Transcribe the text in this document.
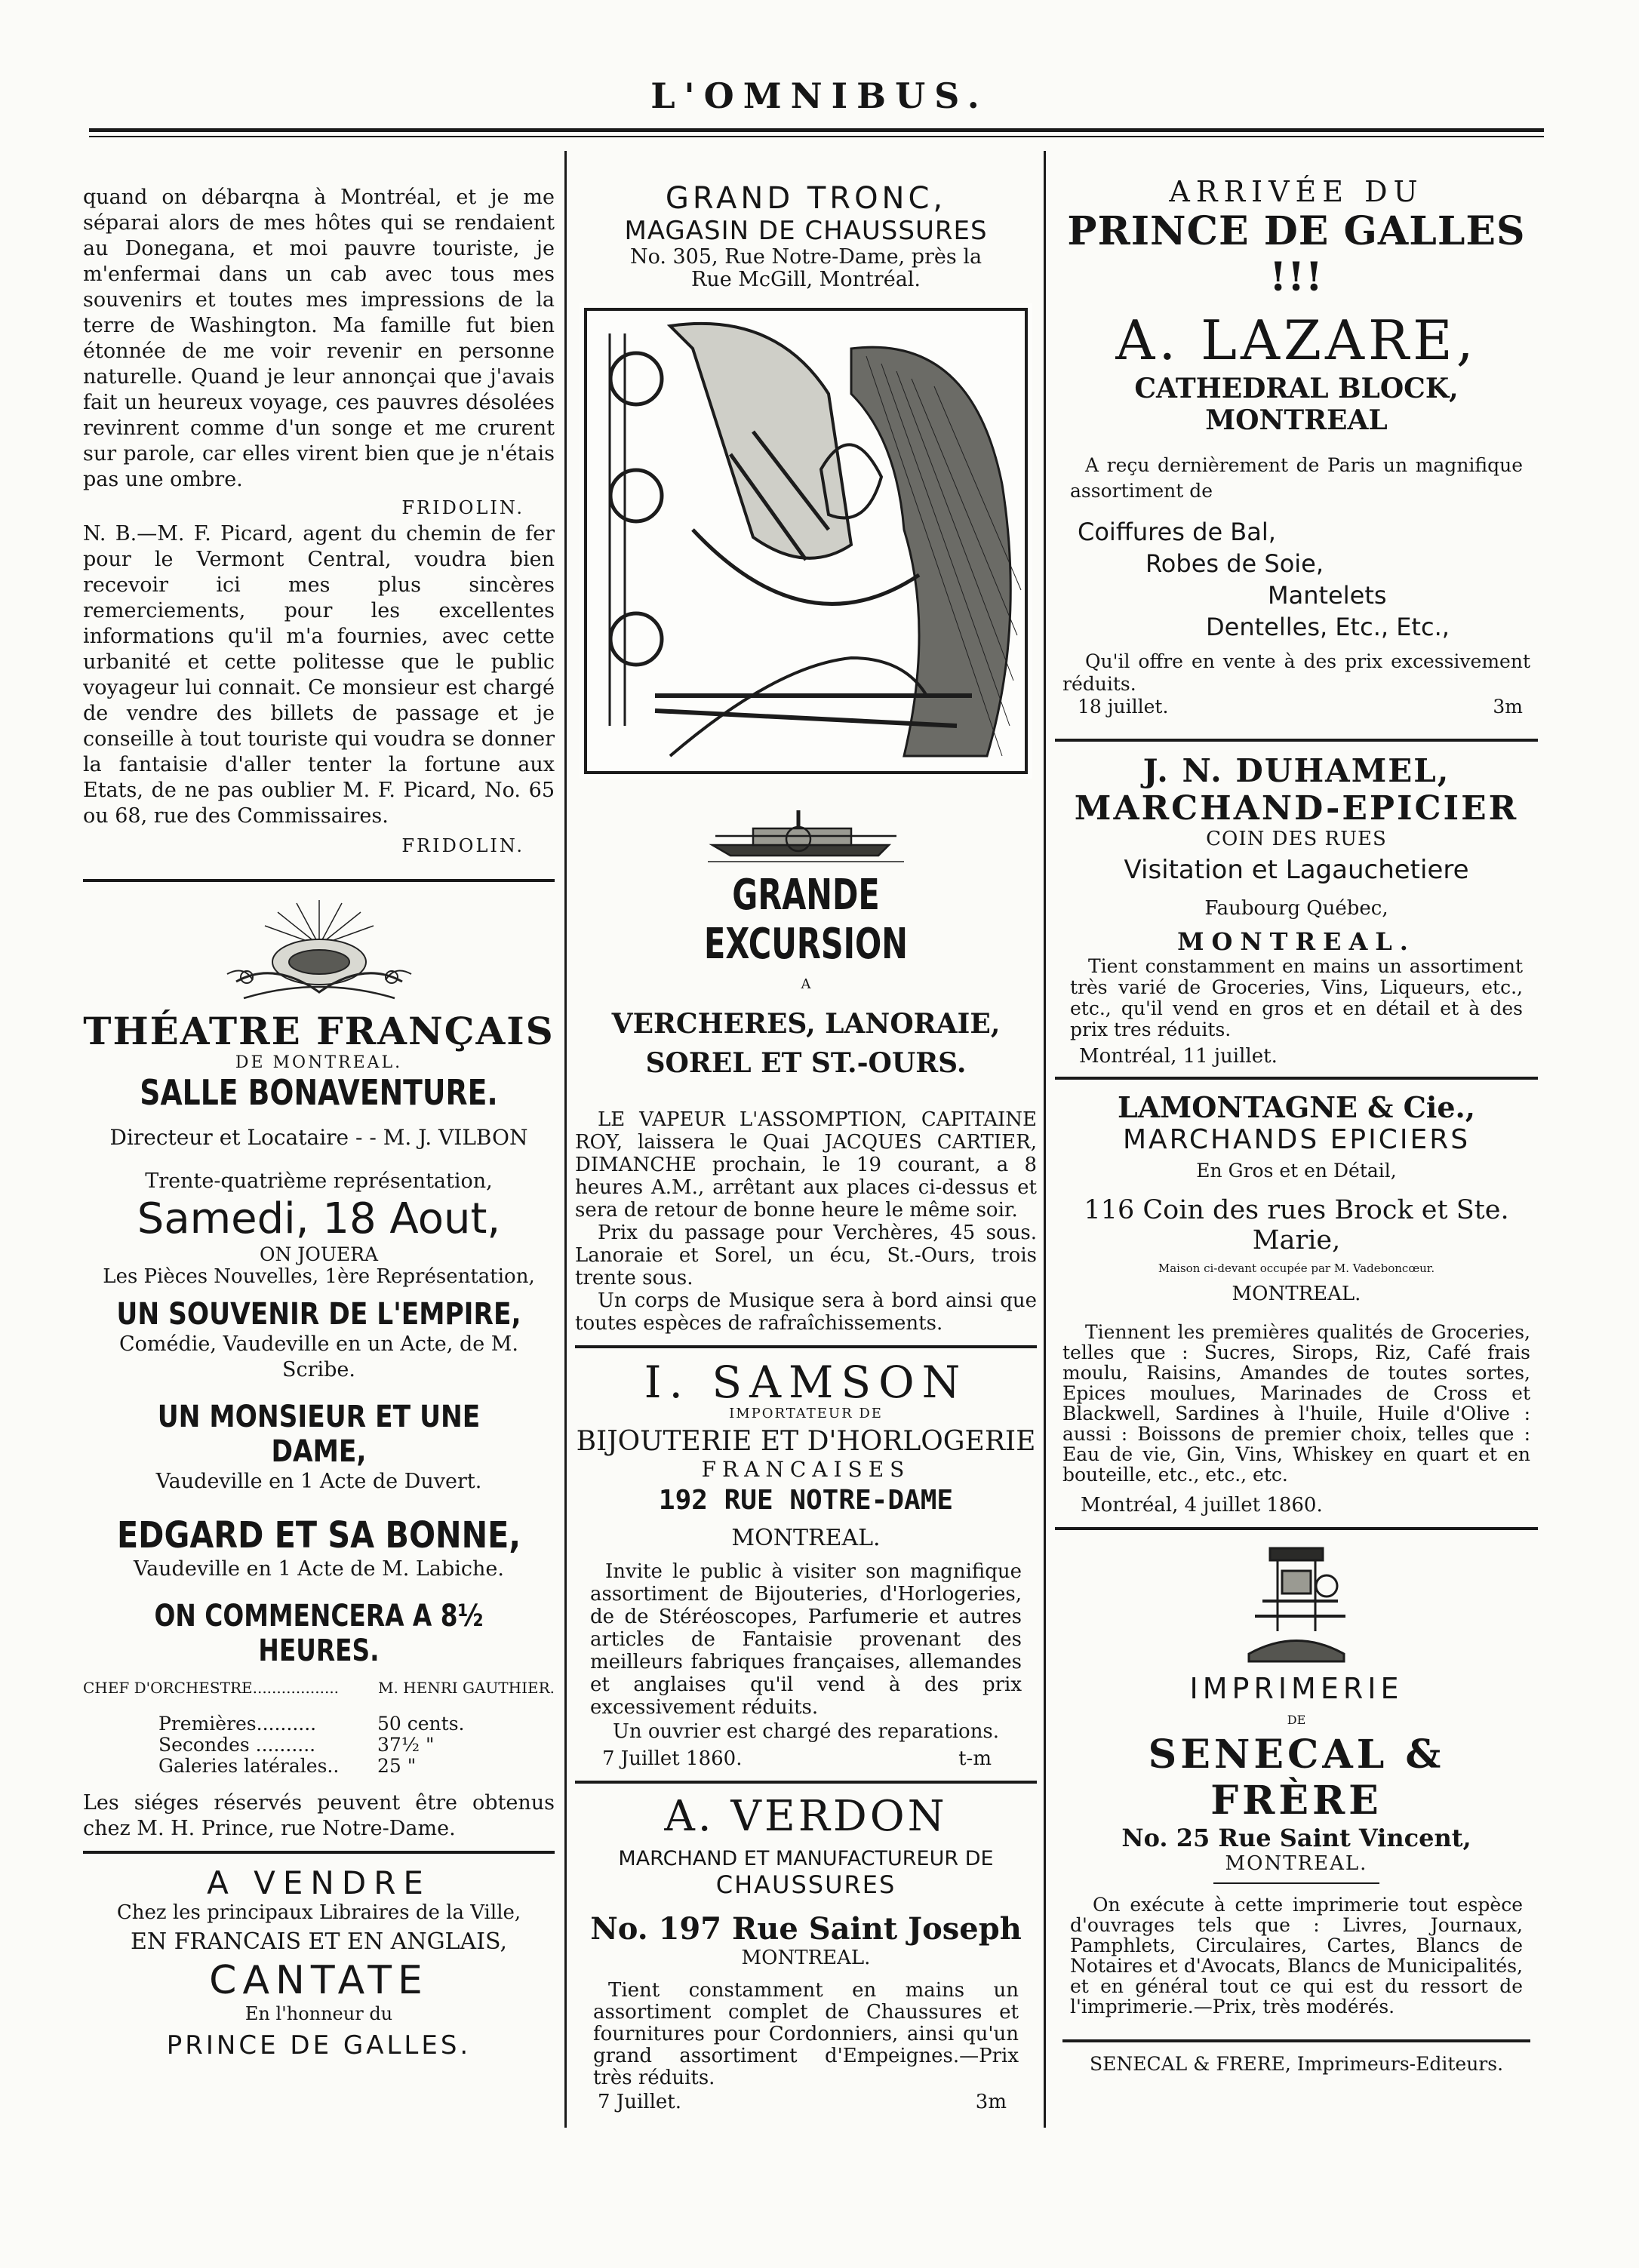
L'OMNIBUS.

quand on débarqna à Montréal, et je me séparai alors de mes hôtes qui se rendaient au Donegana, et moi pauvre touriste, je m'enfermai dans un cab avec tous mes souvenirs et toutes mes impressions de la terre de Washington. Ma famille fut bien étonnée de me voir revenir en personne naturelle. Quand je leur annonçai que j'avais fait un heureux voyage, ces pauvres désolées revinrent comme d'un songe et me crurent sur parole, car elles virent bien que je n'étais pas une ombre.

FRIDOLIN.

N. B.—M. F. Picard, agent du chemin de fer pour le Vermont Central, voudra bien recevoir ici mes plus sincères remerciements, pour les excellentes informations qu'il m'a fournies, avec cette urbanité et cette politesse que le public voyageur lui connait. Ce monsieur est chargé de vendre des billets de passage et je conseille à tout touriste qui voudra se donner la fantaisie d'aller tenter la fortune aux Etats, de ne pas oublier M. F. Picard, No. 65 ou 68, rue des Commissaires.

FRIDOLIN.
THÉATRE FRANÇAIS
DE MONTREAL.
SALLE BONAVENTURE.
Directeur et Locataire - - M. J. VILBON
Trente-quatrième représentation,
Samedi, 18 Aout,
ON JOUERA
Les Pièces Nouvelles, 1ère Représentation,
UN SOUVENIR DE L'EMPIRE,
Comédie, Vaudeville en un Acte, de M. Scribe.
UN MONSIEUR ET UNE DAME,
Vaudeville en 1 Acte de Duvert.
EDGARD ET SA BONNE,
Vaudeville en 1 Acte de M. Labiche.
ON COMMENCERA A 8½ HEURES.
CHEF D'ORCHESTRE..................	M. HENRI GAUTHIER.
Premières..........	50 cents.
Secondes ..........	37½ "
Galeries latérales..	25 "

Les siéges réservés peuvent être obtenus chez M. H. Prince, rue Notre-Dame.

A VENDRE
Chez les principaux Libraires de la Ville,
EN FRANCAIS ET EN ANGLAIS,
CANTATE
En l'honneur du
PRINCE DE GALLES.
GRAND TRONC,
MAGASIN DE CHAUSSURES
No. 305, Rue Notre-Dame, près la Rue McGill, Montréal.
GRANDE EXCURSION
A
VERCHERES, LANORAIE, SOREL ET ST.-OURS.

LE VAPEUR L'ASSOMPTION, CAPITAINE ROY, laissera le Quai JACQUES CARTIER, DIMANCHE prochain, le 19 courant, a 8 heures A.M., arrêtant aux places ci-dessus et sera de retour de bonne heure le même soir.

Prix du passage pour Verchères, 45 sous. Lanoraie et Sorel, un écu, St.-Ours, trois trente sous.

Un corps de Musique sera à bord ainsi que toutes espèces de rafraîchissements.

I. SAMSON
IMPORTATEUR DE
BIJOUTERIE ET D'HORLOGERIE
FRANCAISES
192 RUE NOTRE-DAME
MONTREAL.

Invite le public à visiter son magnifique assortiment de Bijouteries, d'Horlogeries, de de Stéréoscopes, Parfumerie et autres articles de Fantaisie provenant des meilleurs fabriques françaises, allemandes et anglaises qu'il vend à des prix excessivement réduits.

Un ouvrier est chargé des reparations.
7 Juillet 1860.	t-m
A. VERDON
MARCHAND ET MANUFACTUREUR DE
CHAUSSURES
No. 197 Rue Saint Joseph
MONTREAL.

Tient constamment en mains un assortiment complet de Chaussures et fournitures pour Cordonniers, ainsi qu'un grand assortiment d'Empeignes.—Prix très réduits.

7 Juillet.	3m
ARRIVÉE DU
PRINCE DE GALLES !!!
A. LAZARE,
CATHEDRAL BLOCK, MONTREAL

A reçu dernièrement de Paris un magnifique assortiment de

Coiffures de Bal,
Robes de Soie,
Mantelets
Dentelles, Etc., Etc.,

Qu'il offre en vente à des prix excessivement réduits.

18 juillet.	3m
J. N. DUHAMEL,
MARCHAND-EPICIER
COIN DES RUES
Visitation et Lagauchetiere
Faubourg Québec,
MONTREAL.

Tient constamment en mains un assortiment très varié de Groceries, Vins, Liqueurs, etc., etc., qu'il vend en gros et en détail et à des prix tres réduits.

Montréal, 11 juillet.
LAMONTAGNE & Cie.,
MARCHANDS EPICIERS
En Gros et en Détail,
116 Coin des rues Brock et Ste. Marie,
Maison ci-devant occupée par M. Vadeboncœur.
MONTREAL.

Tiennent les premières qualités de Groceries, telles que : Sucres, Sirops, Riz, Café frais moulu, Raisins, Amandes de toutes sortes, Epices moulues, Marinades de Cross et Blackwell, Sardines à l'huile, Huile d'Olive : aussi : Boissons de premier choix, telles que : Eau de vie, Gin, Vins, Whiskey en quart et en bouteille, etc., etc., etc.

Montréal, 4 juillet 1860.
IMPRIMERIE
DE
SENECAL & FRÈRE
No. 25 Rue Saint Vincent,
MONTREAL.

On exécute à cette imprimerie tout espèce d'ouvrages tels que : Livres, Journaux, Pamphlets, Circulaires, Cartes, Blancs de Notaires et d'Avocats, Blancs de Municipalités, et en général tout ce qui est du ressort de l'imprimerie.—Prix, très modérés.

SENECAL & FRERE, Imprimeurs-Editeurs.
